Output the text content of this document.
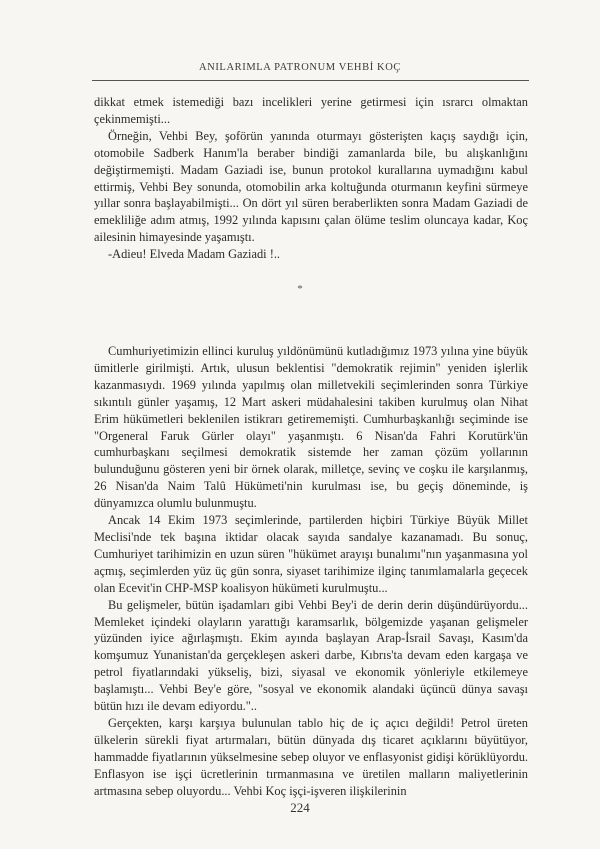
ANILARIMLA PATRONUM VEHBİ KOÇ

dikkat etmek istemediği bazı incelikleri yerine getirmesi için ısrarcı olmaktan çekinmemişti...

Örneğin, Vehbi Bey, şoförün yanında oturmayı gösterişten kaçış saydığı için, otomobile Sadberk Hanım'la beraber bindiği zamanlarda bile, bu alışkanlığını değiştirmemişti. Madam Gaziadi ise, bunun protokol kurallarına uymadığını kabul ettirmiş, Vehbi Bey sonunda, otomobilin arka koltuğunda oturmanın keyfini sürmeye yıllar sonra başlayabilmişti... On dört yıl süren beraberlikten sonra Madam Gaziadi de emekliliğe adım atmış, 1992 yılında kapısını çalan ölüme teslim oluncaya kadar, Koç ailesinin himayesinde yaşamıştı.

-Adieu! Elveda Madam Gaziadi !..

*

Cumhuriyetimizin ellinci kuruluş yıldönümünü kutladığımız 1973 yılına yine büyük ümitlerle girilmişti. Artık, ulusun beklentisi "demokratik rejimin" yeniden işlerlik kazanmasıydı. 1969 yılında yapılmış olan milletvekili seçimlerinden sonra Türkiye sıkıntılı günler yaşamış, 12 Mart askeri müdahalesini takiben kurulmuş olan Nihat Erim hükümetleri beklenilen istikrarı getirememişti. Cumhurbaşkanlığı seçiminde ise "Orgeneral Faruk Gürler olayı" yaşanmıştı. 6 Nisan'da Fahri Korutürk'ün cumhurbaşkanı seçilmesi demokratik sistemde her zaman çözüm yollarının bulunduğunu gösteren yeni bir örnek olarak, milletçe, sevinç ve coşku ile karşılanmış, 26 Nisan'da Naim Talû Hükümeti'nin kurulması ise, bu geçiş döneminde, iş dünyamızca olumlu bulunmuştu.

Ancak 14 Ekim 1973 seçimlerinde, partilerden hiçbiri Türkiye Büyük Millet Meclisi'nde tek başına iktidar olacak sayıda sandalye kazanamadı. Bu sonuç, Cumhuriyet tarihimizin en uzun süren "hükümet arayışı bunalımı"nın yaşanmasına yol açmış, seçimlerden yüz üç gün sonra, siyaset tarihimize ilginç tanımlamalarla geçecek olan Ecevit'in CHP-MSP koalisyon hükümeti kurulmuştu...

Bu gelişmeler, bütün işadamları gibi Vehbi Bey'i de derin derin düşündürüyordu... Memleket içindeki olayların yarattığı karamsarlık, bölgemizde yaşanan gelişmeler yüzünden iyice ağırlaşmıştı. Ekim ayında başlayan Arap-İsrail Savaşı, Kasım'da komşumuz Yunanistan'da gerçekleşen askeri darbe, Kıbrıs'ta devam eden kargaşa ve petrol fiyatlarındaki yükseliş, bizi, siyasal ve ekonomik yönleriyle etkilemeye başlamıştı... Vehbi Bey'e göre, "sosyal ve ekonomik alandaki üçüncü dünya savaşı bütün hızı ile devam ediyordu."..

Gerçekten, karşı karşıya bulunulan tablo hiç de iç açıcı değildi! Petrol üreten ülkelerin sürekli fiyat artırmaları, bütün dünyada dış ticaret açıklarını büyütüyor, hammadde fiyatlarının yükselmesine sebep oluyor ve enflasyonist gidişi körüklüyordu. Enflasyon ise işçi ücretlerinin tırmanmasına ve üretilen malların maliyetlerinin artmasına sebep oluyordu... Vehbi Koç işçi-işveren ilişkilerinin

224
